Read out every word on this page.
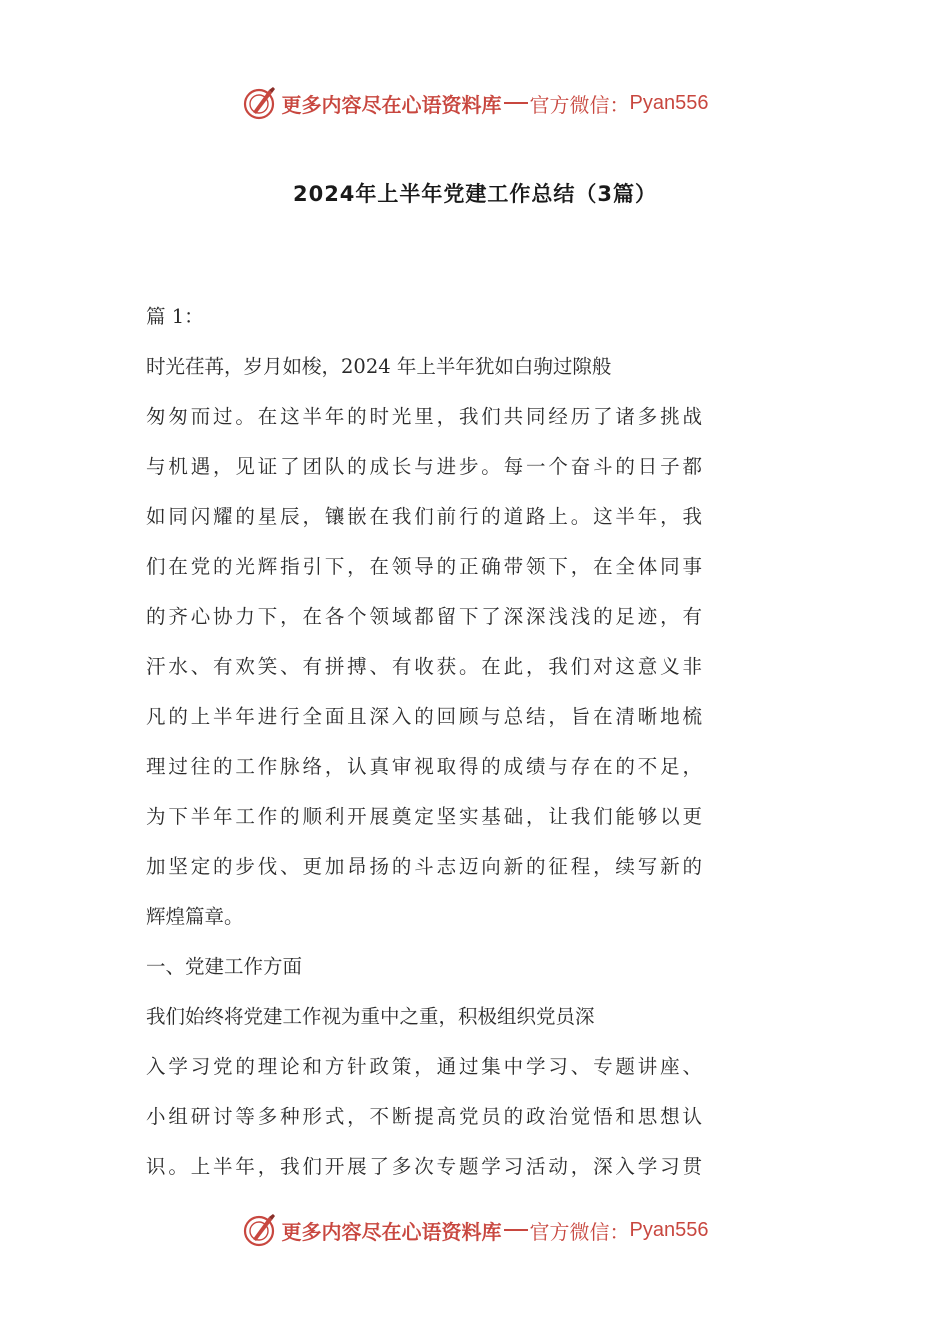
更多内容尽在心语资料库 官方微信： Pyan556
2024年上半年党建工作总结（3篇）
篇 1：
时光荏苒，岁月如梭，2024 年上半年犹如白驹过隙般
匆匆而过。在这半年的时光里，我们共同经历了诸多挑战
与机遇，见证了团队的成长与进步。每一个奋斗的日子都
如同闪耀的星辰，镶嵌在我们前行的道路上。这半年，我
们在党的光辉指引下，在领导的正确带领下，在全体同事
的齐心协力下，在各个领域都留下了深深浅浅的足迹，有
汗水、有欢笑、有拼搏、有收获。在此，我们对这意义非
凡的上半年进行全面且深入的回顾与总结，旨在清晰地梳
理过往的工作脉络，认真审视取得的成绩与存在的不足，
为下半年工作的顺利开展奠定坚实基础，让我们能够以更
加坚定的步伐、更加昂扬的斗志迈向新的征程，续写新的
辉煌篇章。
一、党建工作方面
我们始终将党建工作视为重中之重，积极组织党员深
入学习党的理论和方针政策，通过集中学习、专题讲座、
小组研讨等多种形式，不断提高党员的政治觉悟和思想认
识。上半年，我们开展了多次专题学习活动，深入学习贯
更多内容尽在心语资料库 官方微信： Pyan556
